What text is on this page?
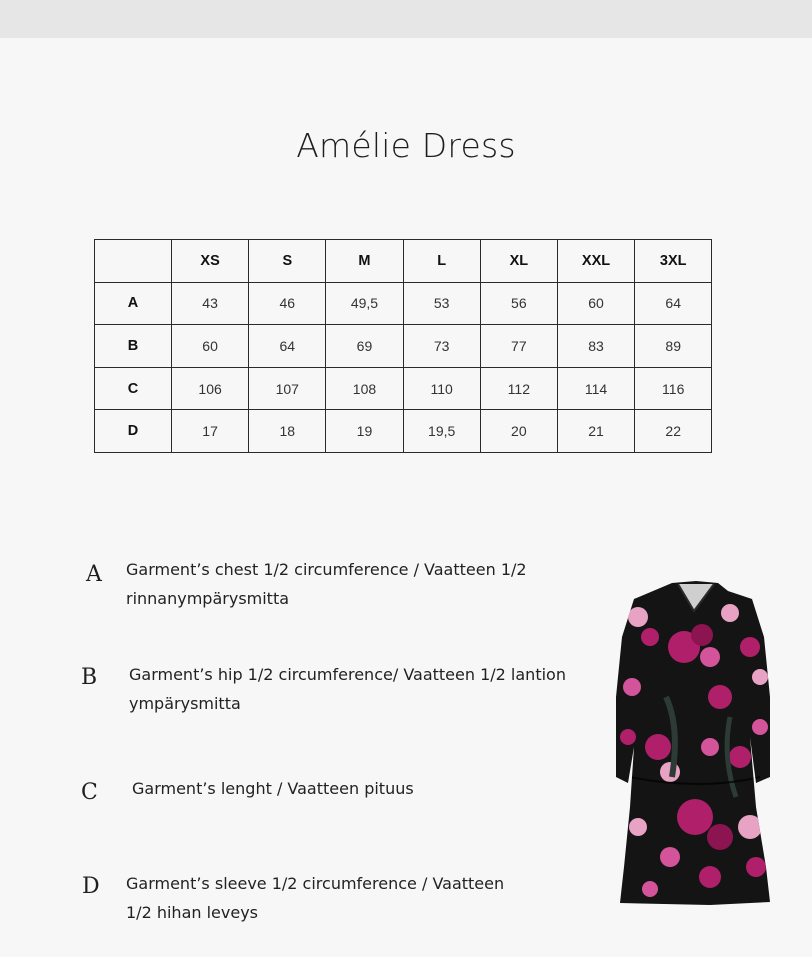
Amélie Dress
	XS	S	M	L	XL	XXL	3XL
A	43	46	49,5	53	56	60	64
B	60	64	69	73	77	83	89
C	106	107	108	110	112	114	116
D	17	18	19	19,5	20	21	22
A Garment’s chest 1/2 circumference / Vaatteen 1/2
rinnanympärysmitta
B Garment’s hip 1/2 circumference/ Vaatteen 1/2 lantion
ympärysmitta
C Garment’s lenght / Vaatteen pituus
D Garment’s sleeve 1/2 circumference / Vaatteen
1/2 hihan leveys
